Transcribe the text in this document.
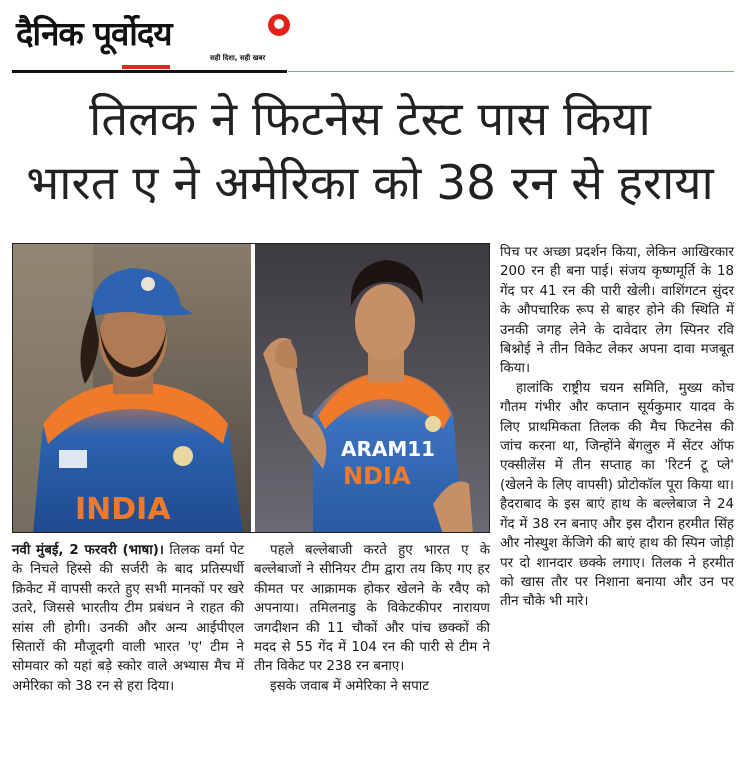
दैनिक पूर्वोदय
सही दिशा, सही खबर
तिलक ने फिटनेस टेस्ट पास किया
भारत ए ने अमेरिका को 38 रन से हराया
INDIA
ARAM11
NDIA

नवी मुंबई, 2 फरवरी (भाषा)। तिलक वर्मा पेट के निचले हिस्से की सर्जरी के बाद प्रतिस्पर्धी क्रिकेट में वापसी करते हुए सभी मानकों पर खरे उतरे, जिससे भारतीय टीम प्रबंधन ने राहत की सांस ली होगी। उनकी और अन्य आईपीएल सितारों की मौजूदगी वाली भारत 'ए' टीम ने सोमवार को यहां बड़े स्कोर वाले अभ्यास मैच में अमेरिका को 38 रन से हरा दिया।

पहले बल्लेबाजी करते हुए भारत ए के बल्लेबाजों ने सीनियर टीम द्वारा तय किए गए हर कीमत पर आक्रामक होकर खेलने के रवैए को अपनाया। तमिलनाडु के विकेटकीपर नारायण जगदीशन की 11 चौकों और पांच छक्कों की मदद से 55 गेंद में 104 रन की पारी से टीम ने तीन विकेट पर 238 रन बनाए।

इसके जवाब में अमेरिका ने सपाट

पिच पर अच्छा प्रदर्शन किया, लेकिन आखिरकार 200 रन ही बना पाई। संजय कृष्णमूर्ति के 18 गेंद पर 41 रन की पारी खेली। वाशिंगटन सुंदर के औपचारिक रूप से बाहर होने की स्थिति में उनकी जगह लेने के दावेदार लेग स्पिनर रवि बिश्नोई ने तीन विकेट लेकर अपना दावा मजबूत किया।

हालांकि राष्ट्रीय चयन समिति, मुख्य कोच गौतम गंभीर और कप्तान सूर्यकुमार यादव के लिए प्राथमिकता तिलक की मैच फिटनेस की जांच करना था, जिन्होंने बेंगलुरु में सेंटर ऑफ एक्सीलेंस में तीन सप्ताह का 'रिटर्न टू प्ले' (खेलने के लिए वापसी) प्रोटोकॉल पूरा किया था। हैदराबाद के इस बाएं हाथ के बल्लेबाज ने 24 गेंद में 38 रन बनाए और इस दौरान हरमीत सिंह और नोस्थुश केंजिगे की बाएं हाथ की स्पिन जोड़ी पर दो शानदार छक्के लगाए। तिलक ने हरमीत को खास तौर पर निशाना बनाया और उन पर तीन चौके भी मारे।
